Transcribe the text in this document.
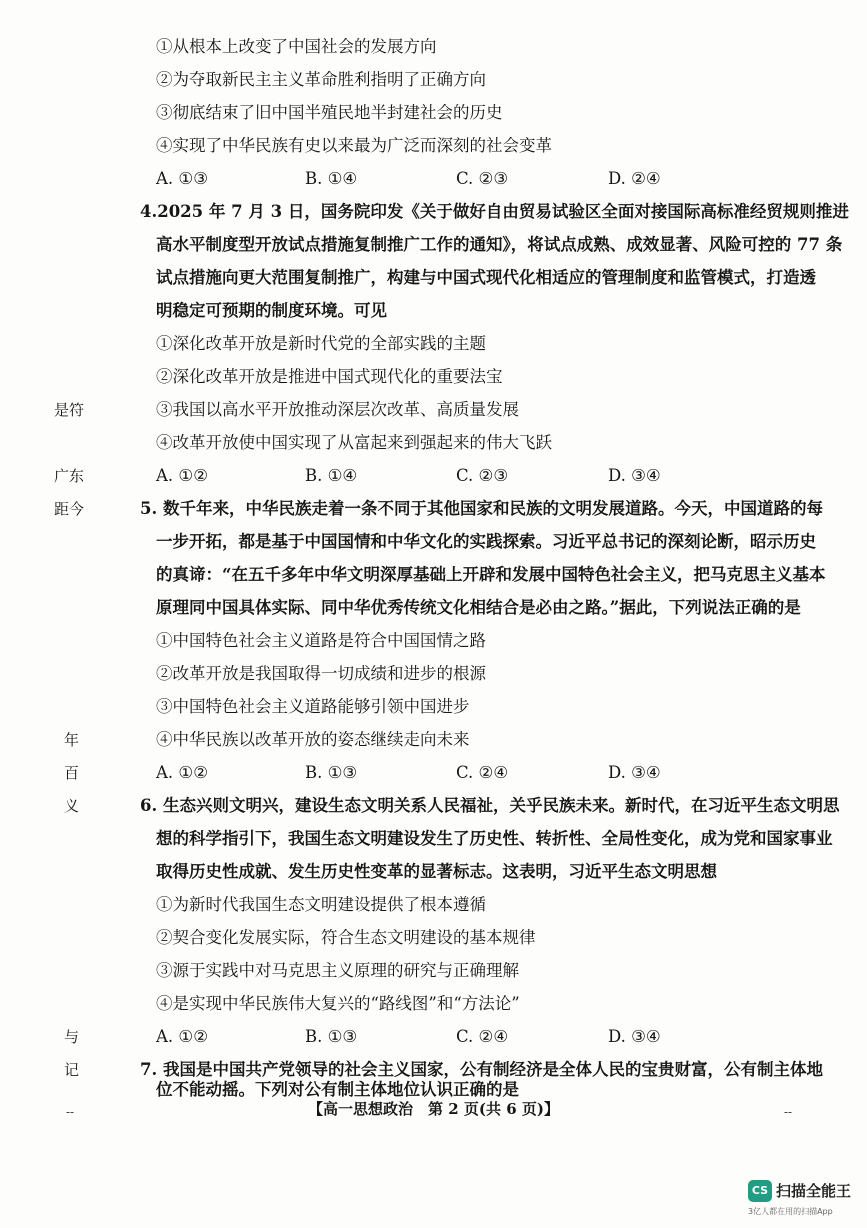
①从根本上改变了中国社会的发展方向
②为夺取新民主主义革命胜利指明了正确方向
③彻底结束了旧中国半殖民地半封建社会的历史
④实现了中华民族有史以来最为广泛而深刻的社会变革
A. ①③	B. ①④	C. ②③	D. ②④
4.2025 年 7 月 3 日，国务院印发《关于做好自由贸易试验区全面对接国际高标准经贸规则推进
高水平制度型开放试点措施复制推广工作的通知》，将试点成熟、成效显著、风险可控的 77 条
试点措施向更大范围复制推广，构建与中国式现代化相适应的管理制度和监管模式，打造透
明稳定可预期的制度环境。可见
①深化改革开放是新时代党的全部实践的主题
②深化改革开放是推进中国式现代化的重要法宝
③我国以高水平开放推动深层次改革、高质量发展
④改革开放使中国实现了从富起来到强起来的伟大飞跃
A. ①②	B. ①④	C. ②③	D. ③④
5. 数千年来，中华民族走着一条不同于其他国家和民族的文明发展道路。今天，中国道路的每
一步开拓，都是基于中国国情和中华文化的实践探索。习近平总书记的深刻论断，昭示历史
的真谛：“在五千多年中华文明深厚基础上开辟和发展中国特色社会主义，把马克思主义基本
原理同中国具体实际、同中华优秀传统文化相结合是必由之路。”据此，下列说法正确的是
①中国特色社会主义道路是符合中国国情之路
②改革开放是我国取得一切成绩和进步的根源
③中国特色社会主义道路能够引领中国进步
④中华民族以改革开放的姿态继续走向未来
A. ①②	B. ①③	C. ②④	D. ③④
6. 生态兴则文明兴，建设生态文明关系人民福祉，关乎民族未来。新时代，在习近平生态文明思
想的科学指引下，我国生态文明建设发生了历史性、转折性、全局性变化，成为党和国家事业
取得历史性成就、发生历史性变革的显著标志。这表明，习近平生态文明思想
①为新时代我国生态文明建设提供了根本遵循
②契合变化发展实际，符合生态文明建设的基本规律
③源于实践中对马克思主义原理的研究与正确理解
④是实现中华民族伟大复兴的“路线图”和“方法论”
A. ①②	B. ①③	C. ②④	D. ③④
7. 我国是中国共产党领导的社会主义国家，公有制经济是全体人民的宝贵财富，公有制主体地
位不能动摇。下列对公有制主体地位认识正确的是
是符
广东
距今
年
百
义
与
记
【高一思想政治　第 2 页(共 6 页)】
--	--
CS 扫描全能王
3亿人都在用的扫描App
